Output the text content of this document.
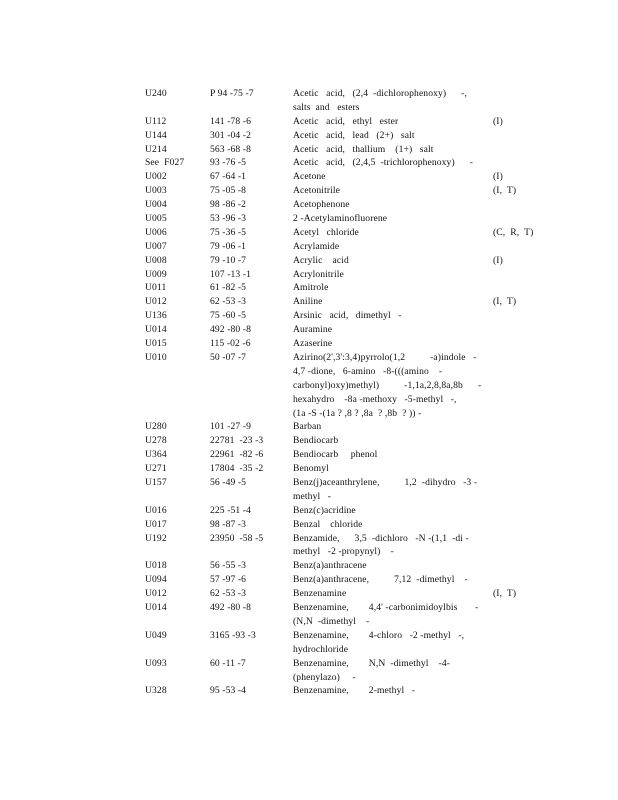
U240	P 94 -75 -7	Acetic   acid,   (2,4  -dichlorophenoxy)      -,
salts  and   esters
U112	141 -78 -6	Acetic   acid,   ethyl   ester	(I)
U144	301 -04 -2	Acetic   acid,   lead   (2+)   salt
U214	563 -68 -8	Acetic   acid,   thallium    (1+)   salt
See  F027	93 -76 -5	Acetic   acid,   (2,4,5  -trichlorophenoxy)      -
U002	67 -64 -1	Acetone	(I)
U003	75 -05 -8	Acetonitrile	(I,  T)
U004	98 -86 -2	Acetophenone
U005	53 -96 -3	2 -Acetylaminofluorene
U006	75 -36 -5	Acetyl   chloride	(C,  R,  T)
U007	79 -06 -1	Acrylamide
U008	79 -10 -7	Acrylic    acid	(I)
U009	107 -13 -1	Acrylonitrile
U011	61 -82 -5	Amitrole
U012	62 -53 -3	Aniline	(I,  T)
U136	75 -60 -5	Arsinic   acid,   dimethyl   -
U014	492 -80 -8	Auramine
U015	115 -02 -6	Azaserine
U010	50 -07 -7	Azirino(2',3':3,4)pyrrolo(1,2          -a)indole   -
4,7 -dione,   6-amino   -8-(((amino    -
carbonyl)oxy)methyl)          -1,1a,2,8,8a,8b      -
hexahydro    -8a -methoxy   -5-methyl   -,
(1a -S -(1a ? ,8 ? ,8a  ? ,8b  ? )) -
U280	101 -27 -9	Barban
U278	22781  -23 -3	Bendiocarb
U364	22961  -82 -6	Bendiocarb     phenol
U271	17804  -35 -2	Benomyl
U157	56 -49 -5	Benz(j)aceanthrylene,          1,2  -dihydro   -3 -
methyl   -
U016	225 -51 -4	Benz(c)acridine
U017	98 -87 -3	Benzal    chloride
U192	23950  -58 -5	Benzamide,      3,5  -dichloro   -N -(1,1  -di -
methyl   -2 -propynyl)    -
U018	56 -55 -3	Benz(a)anthracene
U094	57 -97 -6	Benz(a)anthracene,          7,12  -dimethyl    -
U012	62 -53 -3	Benzenamine	(I,  T)
U014	492 -80 -8	Benzenamine,        4,4' -carbonimidoylbis       -
(N,N  -dimethyl    -
U049	3165 -93 -3	Benzenamine,        4-chloro   -2 -methyl   -,
hydrochloride
U093	60 -11 -7	Benzenamine,        N,N  -dimethyl    -4-
(phenylazo)     -
U328	95 -53 -4	Benzenamine,        2-methyl   -
